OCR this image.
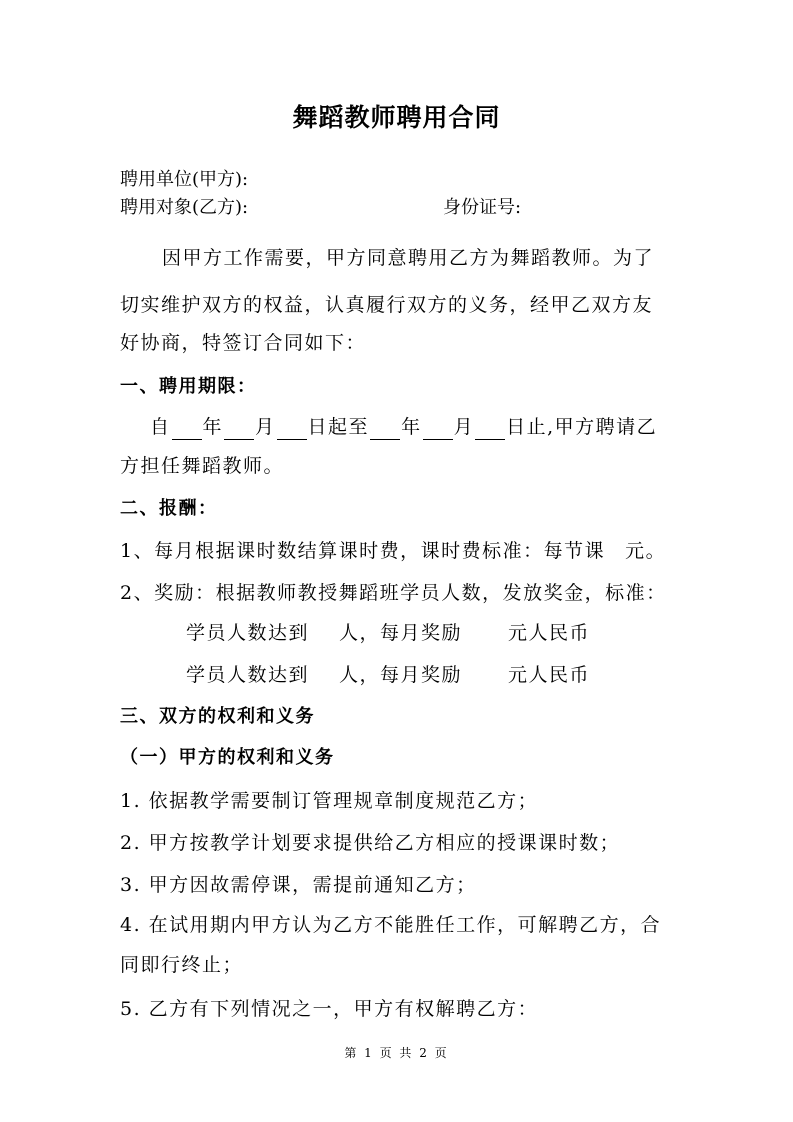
舞蹈教师聘用合同
聘用单位(甲方):
聘用对象(乙方):	身份证号:
因甲方工作需要，甲方同意聘用乙方为舞蹈教师。为了
切实维护双方的权益，认真履行双方的义务，经甲乙双方友
好协商，特签订合同如下：
一、聘用期限：
自 年 月 日起至 年 月 日止,甲方聘请乙
方担任舞蹈教师。
二、报酬：
1、每月根据课时数结算课时费，课时费标准：每节课 元。
2、奖励：根据教师教授舞蹈班学员人数，发放奖金，标准：
学员人数达到 人，每月奖励 元人民币
学员人数达到 人，每月奖励 元人民币
三、双方的权利和义务
（一）甲方的权利和义务
1. 依据教学需要制订管理规章制度规范乙方；
2. 甲方按教学计划要求提供给乙方相应的授课课时数；
3. 甲方因故需停课，需提前通知乙方；
4. 在试用期内甲方认为乙方不能胜任工作，可解聘乙方，合
同即行终止；
5. 乙方有下列情况之一，甲方有权解聘乙方：
第 1 页 共 2 页
